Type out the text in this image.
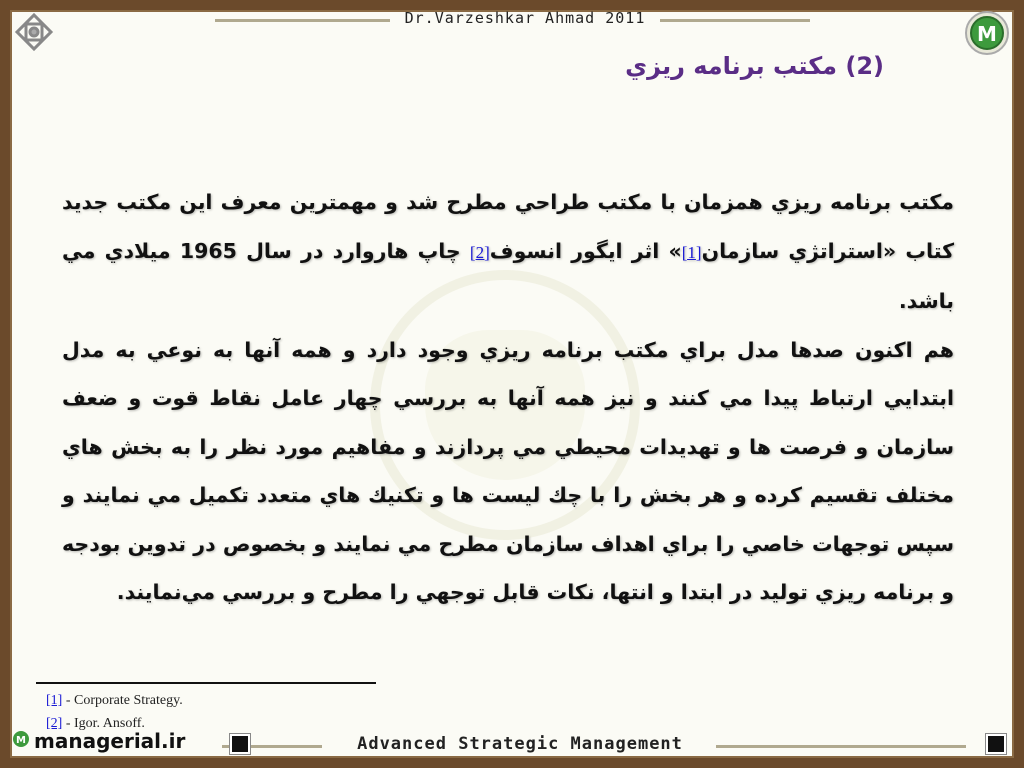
Dr.Varzeshkar Ahmad 2011
M
(2) مكتب برنامه ريزي

مكتب برنامه ريزي همزمان با مكتب طراحي مطرح شد و مهمترين معرف اين مكتب جديد كتاب «استراتژي سازمان[1]» اثر ايگور انسوف[2] چاپ هاروارد در سال 1965 ميلادي مي باشد.

هم اكنون صدها مدل براي مكتب برنامه ريزي وجود دارد و همه آنها به نوعي به مدل ابتدايي ارتباط پيدا مي كنند و نيز همه آنها به بررسي چهار عامل نقاط قوت و ضعف سازمان و فرصت ها و تهديدات محيطي مي پردازند و مفاهيم مورد نظر را به بخش هاي مختلف تقسيم كرده و هر بخش را با چك ليست ها و تكنيك هاي متعدد تكميل مي نمايند و سپس توجهات خاصي را براي اهداف سازمان مطرح مي نمايند و بخصوص در تدوين بودجه و برنامه ريزي توليد در ابتدا و انتها، نكات قابل توجهي را مطرح و بررسي مي‌نمايند.

[1] - Corporate Strategy.
[2] - Igor. Ansoff.
M managerial.ir	Advanced Strategic Management
